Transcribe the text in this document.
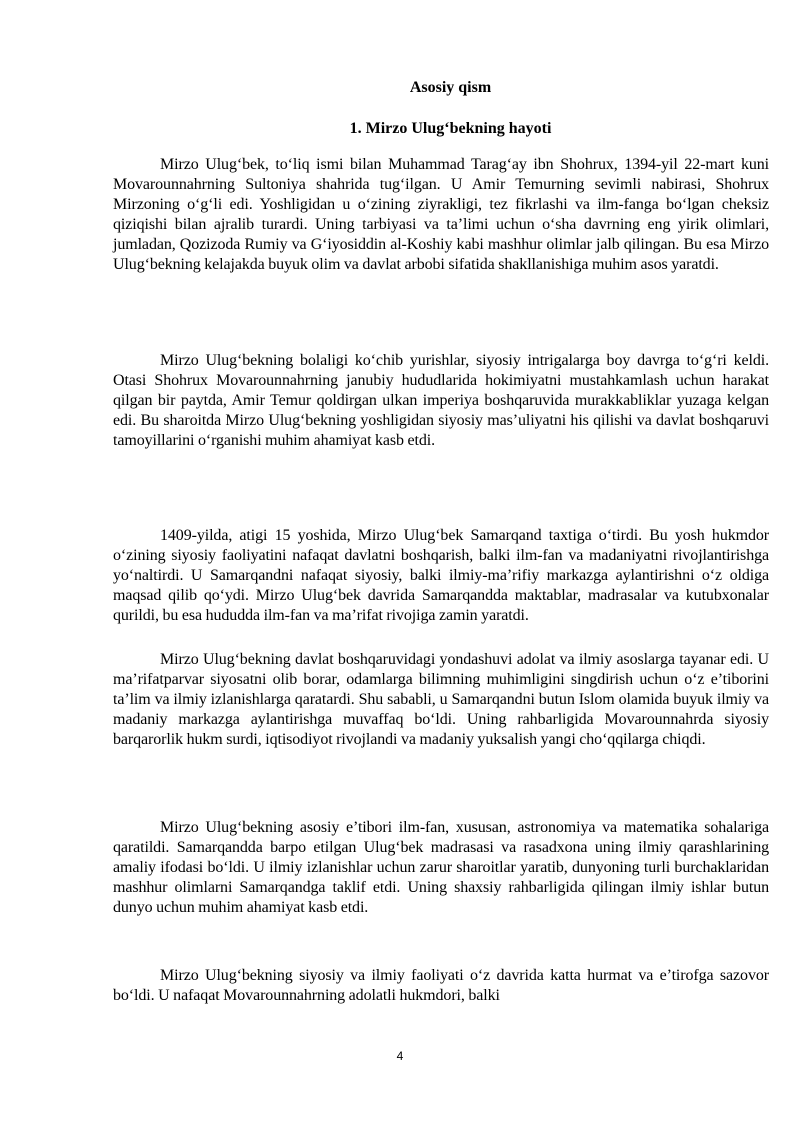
Asosiy qism
1. Mirzo Ulug‘bekning hayoti

Mirzo Ulug‘bek, to‘liq ismi bilan Muhammad Tarag‘ay ibn Shohrux, 1394-yil 22-mart kuni Movarounnahrning Sultoniya shahrida tug‘ilgan. U Amir Temurning sevimli nabirasi, Shohrux Mirzoning o‘g‘li edi. Yoshligidan u o‘zining ziyrakligi, tez fikrlashi va ilm-fanga bo‘lgan cheksiz qiziqishi bilan ajralib turardi. Uning tarbiyasi va ta’limi uchun o‘sha davrning eng yirik olimlari, jumladan, Qozizoda Rumiy va G‘iyosiddin al-Koshiy kabi mashhur olimlar jalb qilingan. Bu esa Mirzo Ulug‘bekning kelajakda buyuk olim va davlat arbobi sifatida shakllanishiga muhim asos yaratdi.

Mirzo Ulug‘bekning bolaligi ko‘chib yurishlar, siyosiy intrigalarga boy davrga to‘g‘ri keldi. Otasi Shohrux Movarounnahrning janubiy hududlarida hokimiyatni mustahkamlash uchun harakat qilgan bir paytda, Amir Temur qoldirgan ulkan imperiya boshqaruvida murakkabliklar yuzaga kelgan edi. Bu sharoitda Mirzo Ulug‘bekning yoshligidan siyosiy mas’uliyatni his qilishi va davlat boshqaruvi tamoyillarini o‘rganishi muhim ahamiyat kasb etdi.

1409-yilda, atigi 15 yoshida, Mirzo Ulug‘bek Samarqand taxtiga o‘tirdi. Bu yosh hukmdor o‘zining siyosiy faoliyatini nafaqat davlatni boshqarish, balki ilm-fan va madaniyatni rivojlantirishga yo‘naltirdi. U Samarqandni nafaqat siyosiy, balki ilmiy-ma’rifiy markazga aylantirishni o‘z oldiga maqsad qilib qo‘ydi. Mirzo Ulug‘bek davrida Samarqandda maktablar, madrasalar va kutubxonalar qurildi, bu esa hududda ilm-fan va ma’rifat rivojiga zamin yaratdi.

Mirzo Ulug‘bekning davlat boshqaruvidagi yondashuvi adolat va ilmiy asoslarga tayanar edi. U ma’rifatparvar siyosatni olib borar, odamlarga bilimning muhimligini singdirish uchun o‘z e’tiborini ta’lim va ilmiy izlanishlarga qaratardi. Shu sababli, u Samarqandni butun Islom olamida buyuk ilmiy va madaniy markazga aylantirishga muvaffaq bo‘ldi. Uning rahbarligida Movarounnahrda siyosiy barqarorlik hukm surdi, iqtisodiyot rivojlandi va madaniy yuksalish yangi cho‘qqilarga chiqdi.

Mirzo Ulug‘bekning asosiy e’tibori ilm-fan, xususan, astronomiya va matematika sohalariga qaratildi. Samarqandda barpo etilgan Ulug‘bek madrasasi va rasadxona uning ilmiy qarashlarining amaliy ifodasi bo‘ldi. U ilmiy izlanishlar uchun zarur sharoitlar yaratib, dunyoning turli burchaklaridan mashhur olimlarni Samarqandga taklif etdi. Uning shaxsiy rahbarligida qilingan ilmiy ishlar butun dunyo uchun muhim ahamiyat kasb etdi.

Mirzo Ulug‘bekning siyosiy va ilmiy faoliyati o‘z davrida katta hurmat va e’tirofga sazovor bo‘ldi. U nafaqat Movarounnahrning adolatli hukmdori, balki

4
